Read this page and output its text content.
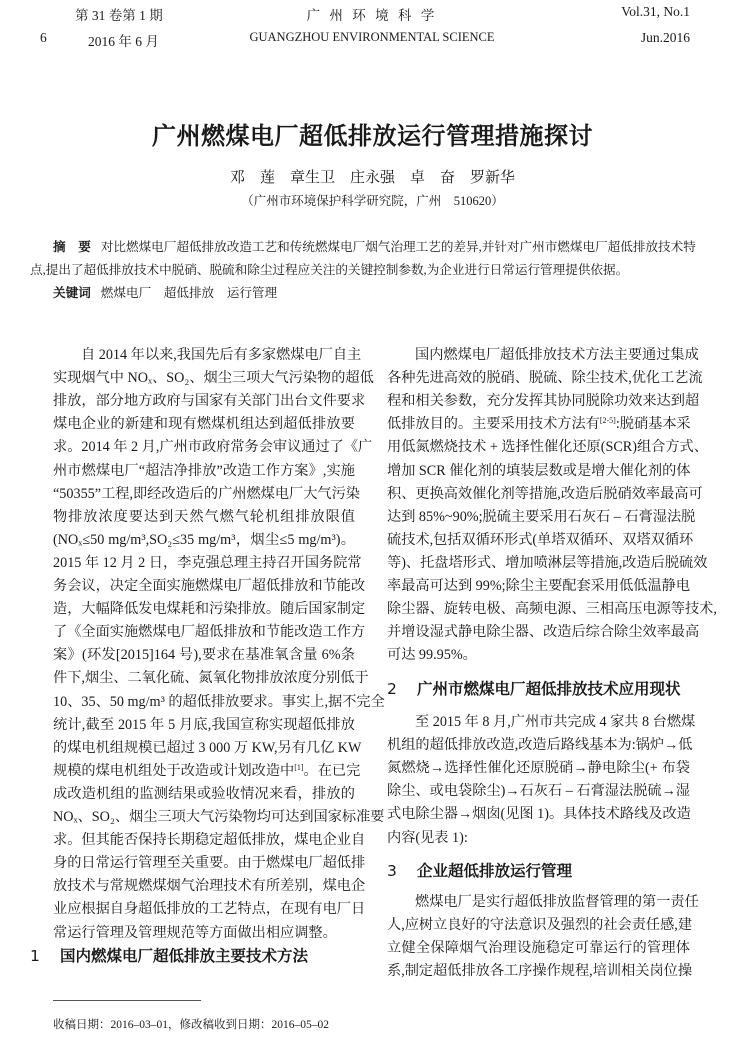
第 31 卷第 1 期
6	2016 年 6 月
广 州 环 境 科 学
GUANGZHOU ENVIRONMENTAL SCIENCE
Vol.31, No.1
Jun.2016
广州燃煤电厂超低排放运行管理措施探讨
邓　莲　章生卫　庄永强　卓　奋　罗新华
（广州市环境保护科学研究院，广州　510620）
摘　要 对比燃煤电厂超低排放改造工艺和传统燃煤电厂烟气治理工艺的差异,并针对广州市燃煤电厂超低排放技术特
点,提出了超低排放技术中脱硝、脱硫和除尘过程应关注的关键控制参数,为企业进行日常运行管理提供依据。
关键词 燃煤电厂　超低排放　运行管理
自 2014 年以来,我国先后有多家燃煤电厂自主
实现烟气中 NOₓ、SO₂、烟尘三项大气污染物的超低
排放，部分地方政府与国家有关部门出台文件要求
煤电企业的新建和现有燃煤机组达到超低排放要
求。2014 年 2 月,广州市政府常务会审议通过了《广
州市燃煤电厂“超洁净排放”改造工作方案》,实施
“50355”工程,即经改造后的广州燃煤电厂大气污染
物排放浓度要达到天然气燃气轮机组排放限值
(NOₓ≤50 mg/m³,SO₂≤35 mg/m³，烟尘≤5 mg/m³)。
2015 年 12 月 2 日，李克强总理主持召开国务院常
务会议，决定全面实施燃煤电厂超低排放和节能改
造，大幅降低发电煤耗和污染排放。随后国家制定
了《全面实施燃煤电厂超低排放和节能改造工作方
案》(环发[2015]164 号),要求在基准氧含量 6%条
件下,烟尘、二氧化硫、氮氧化物排放浓度分别低于
10、35、50 mg/m³ 的超低排放要求。事实上,据不完全
统计,截至 2015 年 5 月底,我国宣称实现超低排放
的煤电机组规模已超过 3 000 万 KW,另有几亿 KW
规模的煤电机组处于改造或计划改造中[1]。在已完
成改造机组的监测结果或验收情况来看，排放的
NOₓ、SO₂、烟尘三项大气污染物均可达到国家标准要
求。但其能否保持长期稳定超低排放，煤电企业自
身的日常运行管理至关重要。由于燃煤电厂超低排
放技术与常规燃煤烟气治理技术有所差别，煤电企
业应根据自身超低排放的工艺特点，在现有电厂日
常运行管理及管理规范等方面做出相应调整。
1 国内燃煤电厂超低排放主要技术方法
国内燃煤电厂超低排放技术方法主要通过集成
各种先进高效的脱硝、脱硫、除尘技术,优化工艺流
程和相关参数，充分发挥其协同脱除功效来达到超
低排放目的。主要采用技术方法有[2-5]:脱硝基本采
用低氮燃烧技术 + 选择性催化还原(SCR)组合方式、
增加 SCR 催化剂的填装层数或是增大催化剂的体
积、更换高效催化剂等措施,改造后脱硝效率最高可
达到 85%~90%;脱硫主要采用石灰石 – 石膏湿法脱
硫技术,包括双循环形式(单塔双循环、双塔双循环
等)、托盘塔形式、增加喷淋层等措施,改造后脱硫效
率最高可达到 99%;除尘主要配套采用低低温静电
除尘器、旋转电极、高频电源、三相高压电源等技术,
并增设湿式静电除尘器、改造后综合除尘效率最高
可达 99.95%。
至 2015 年 8 月,广州市共完成 4 家共 8 台燃煤
机组的超低排放改造,改造后路线基本为:锅炉→低
氮燃烧→选择性催化还原脱硝→静电除尘(+ 布袋
除尘、或电袋除尘)→石灰石 – 石膏湿法脱硫→湿
式电除尘器→烟囱(见图 1)。具体技术路线及改造
内容(见表 1):
燃煤电厂是实行超低排放监督管理的第一责任
人,应树立良好的守法意识及强烈的社会责任感,建
立健全保障烟气治理设施稳定可靠运行的管理体
系,制定超低排放各工序操作规程,培训相关岗位操
2 广州市燃煤电厂超低排放技术应用现状
3 企业超低排放运行管理
收稿日期：2016–03–01，修改稿收到日期：2016–05–02
